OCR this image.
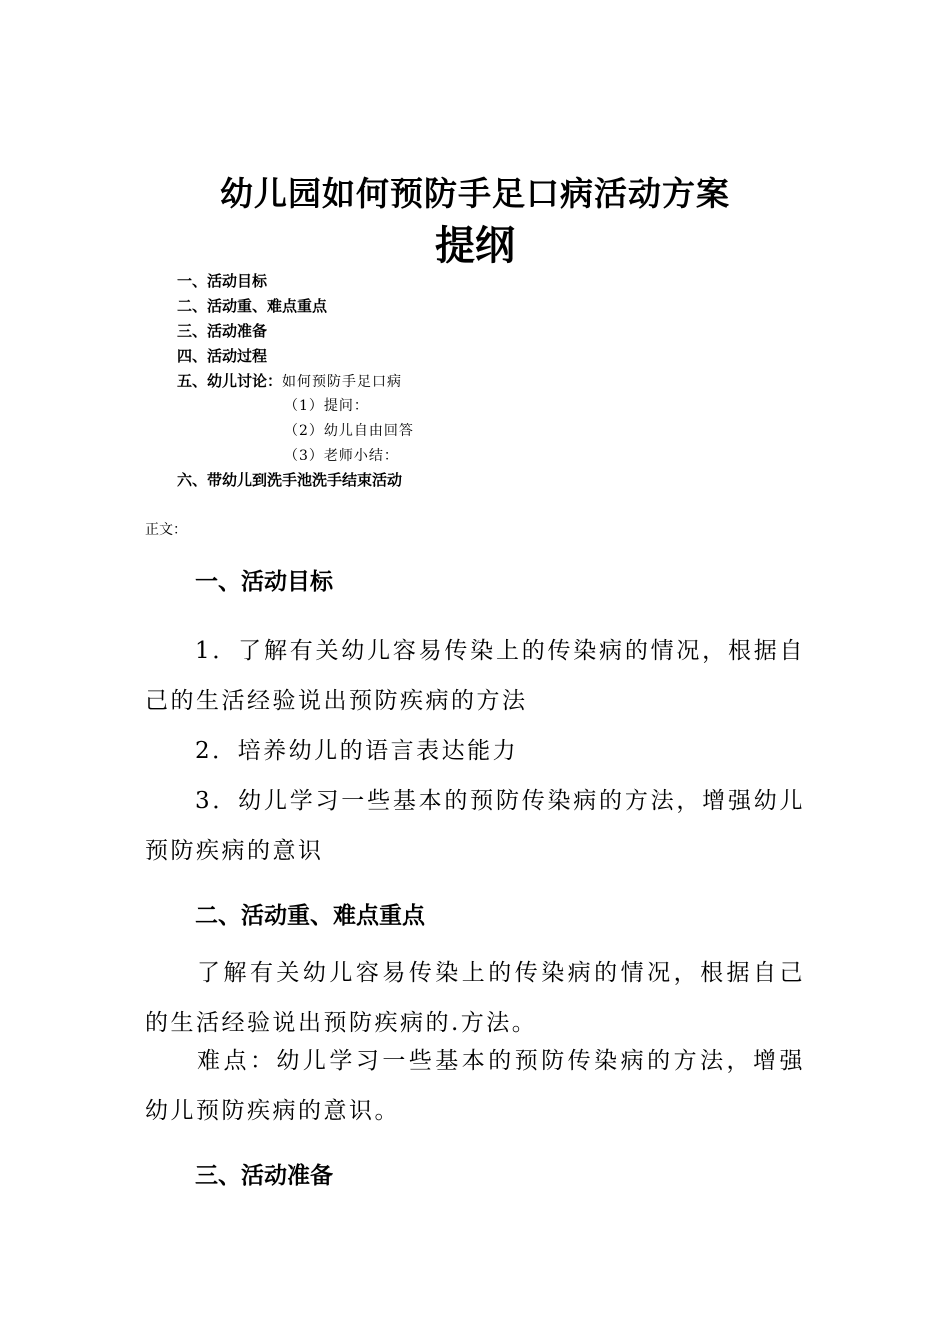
幼儿园如何预防手足口病活动方案
提纲
一、活动目标
二、活动重、难点重点
三、活动准备
四、活动过程
五、幼儿讨论：如何预防手足口病
（1）提问：
（2）幼儿自由回答
（3）老师小结：
六、带幼儿到洗手池洗手结束活动
正文：
一、活动目标
1．了解有关幼儿容易传染上的传染病的情况，根据自己的生活经验说出预防疾病的方法
2．培养幼儿的语言表达能力
3．幼儿学习一些基本的预防传染病的方法，增强幼儿预防疾病的意识
二、活动重、难点重点
了解有关幼儿容易传染上的传染病的情况，根据自己的生活经验说出预防疾病的.方法。
难点：幼儿学习一些基本的预防传染病的方法，增强幼儿预防疾病的意识。
三、活动准备
